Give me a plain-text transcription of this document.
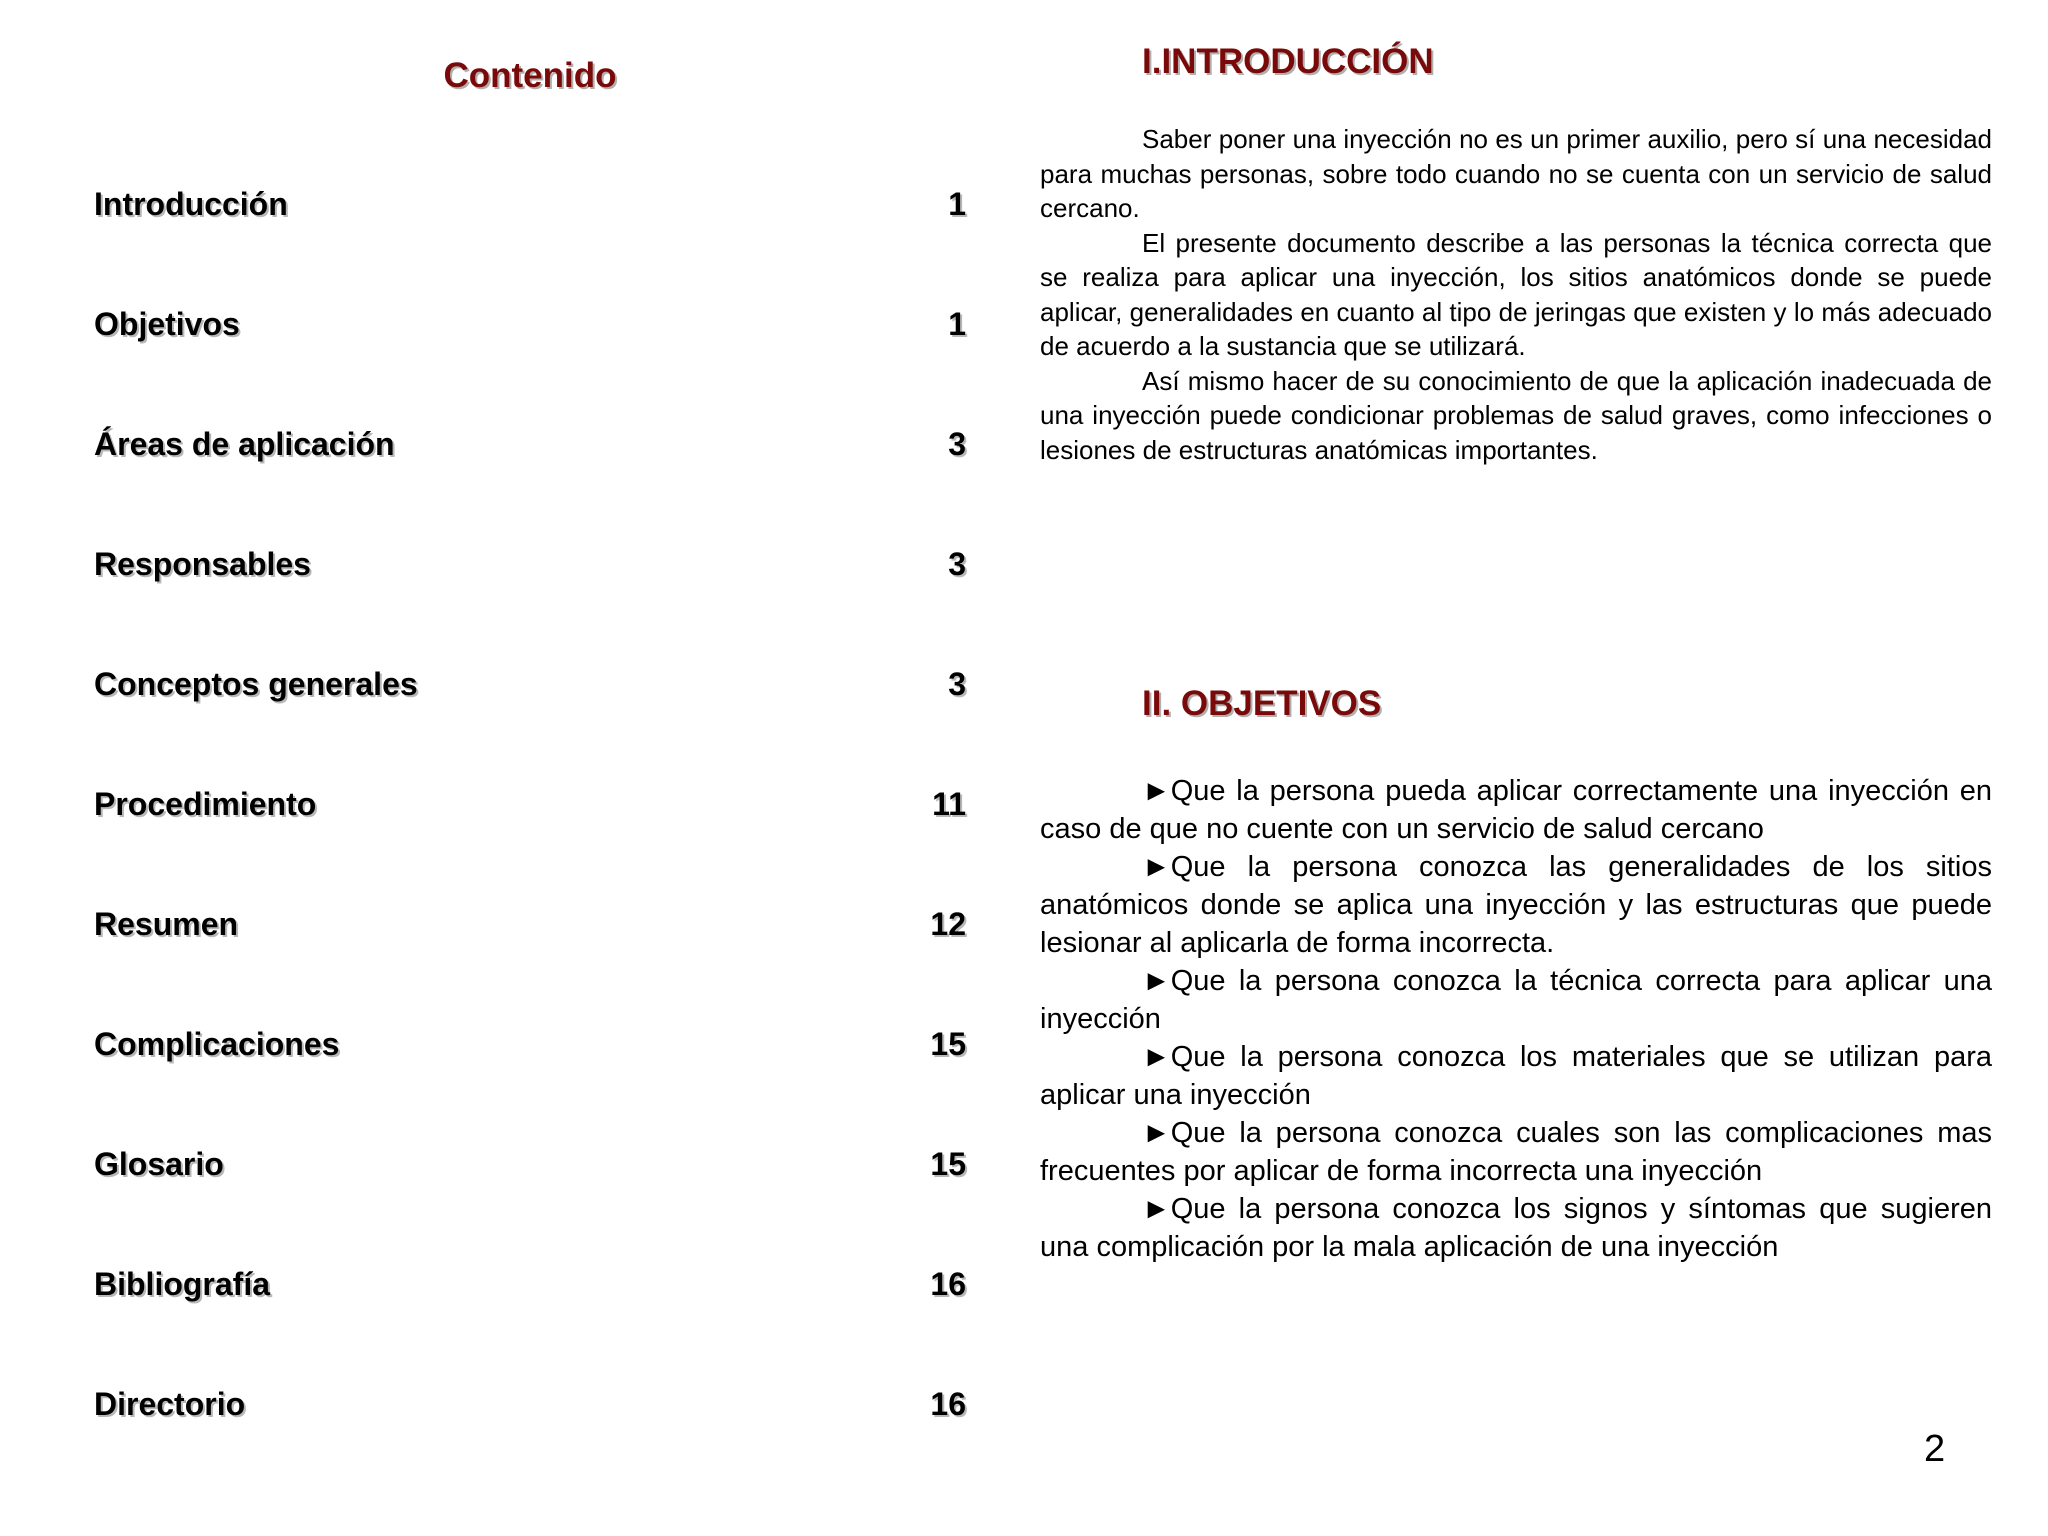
Contenido
Introducción	1
Objetivos	1
Áreas de aplicación	3
Responsables	3
Conceptos generales	3
Procedimiento	11
Resumen	12
Complicaciones	15
Glosario	15
Bibliografía	16
Directorio	16
I.INTRODUCCIÓN

Saber poner una inyección no es un primer auxilio, pero sí una necesidad para muchas personas, sobre todo cuando no se cuenta con un servicio de salud cercano.

El presente documento describe a las personas la técnica correcta que se realiza para aplicar una inyección, los sitios anatómicos donde se puede aplicar, generalidades en cuanto al tipo de jeringas que existen y lo más adecuado de acuerdo a la sustancia que se utilizará.

Así mismo hacer de su conocimiento de que la aplicación inadecuada de una inyección puede condicionar problemas de salud graves, como infecciones o lesiones de estructuras anatómicas importantes.

II. OBJETIVOS

►Que la persona pueda aplicar correctamente una inyección en caso de que no cuente con un servicio de salud cercano

►Que la persona conozca las generalidades de los sitios anatómicos donde se aplica una inyección y las estructuras que puede lesionar al aplicarla de forma incorrecta.

►Que la persona conozca la técnica correcta para aplicar una inyección

►Que la persona conozca los materiales que se utilizan para aplicar una inyección

►Que la persona conozca cuales son las complicaciones mas frecuentes por aplicar de forma incorrecta una inyección

►Que la persona conozca los signos y síntomas que sugieren una complicación por la mala aplicación de una inyección

2
